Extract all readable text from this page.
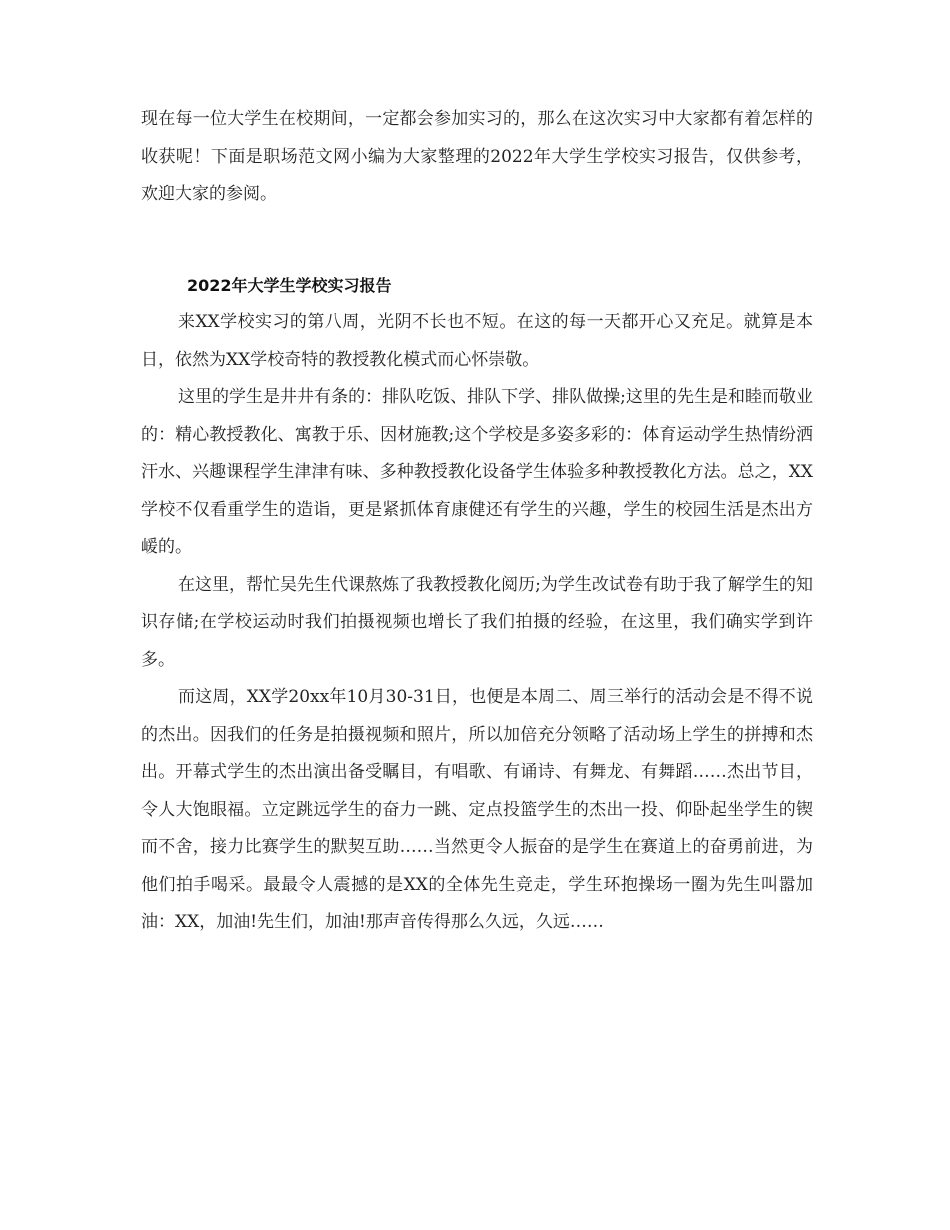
现在每一位大学生在校期间，一定都会参加实习的，那么在这次实习中大家都有着怎样的收获呢！下面是职场范文网小编为大家整理的2022年大学生学校实习报告，仅供参考，欢迎大家的参阅。

2022年大学生学校实习报告

来XX学校实习的第八周，光阴不长也不短。在这的每一天都开心又充足。就算是本日，依然为XX学校奇特的教授教化模式而心怀崇敬。

这里的学生是井井有条的：排队吃饭、排队下学、排队做操;这里的先生是和睦而敬业的：精心教授教化、寓教于乐、因材施教;这个学校是多姿多彩的：体育运动学生热情纷洒汗水、兴趣课程学生津津有味、多种教授教化设备学生体验多种教授教化方法。总之，XX学校不仅看重学生的造诣，更是紧抓体育康健还有学生的兴趣，学生的校园生活是杰出方嵈的。

在这里，帮忙吴先生代课熬炼了我教授教化阅历;为学生改试卷有助于我了解学生的知识存储;在学校运动时我们拍摄视频也增长了我们拍摄的经验，在这里，我们确实学到许多。

而这周，XX学20xx年10月30-31日，也便是本周二、周三举行的活动会是不得不说的杰出。因我们的任务是拍摄视频和照片，所以加倍充分领略了活动场上学生的拼搏和杰出。开幕式学生的杰出演出备受瞩目，有唱歌、有诵诗、有舞龙、有舞蹈……杰出节目，令人大饱眼福。立定跳远学生的奋力一跳、定点投篮学生的杰出一投、仰卧起坐学生的锲而不舍，接力比赛学生的默契互助……当然更令人振奋的是学生在赛道上的奋勇前进，为他们拍手喝采。最最令人震撼的是XX的全体先生竞走，学生环抱操场一圈为先生叫嚣加油：XX，加油!先生们，加油!那声音传得那么久远，久远……
